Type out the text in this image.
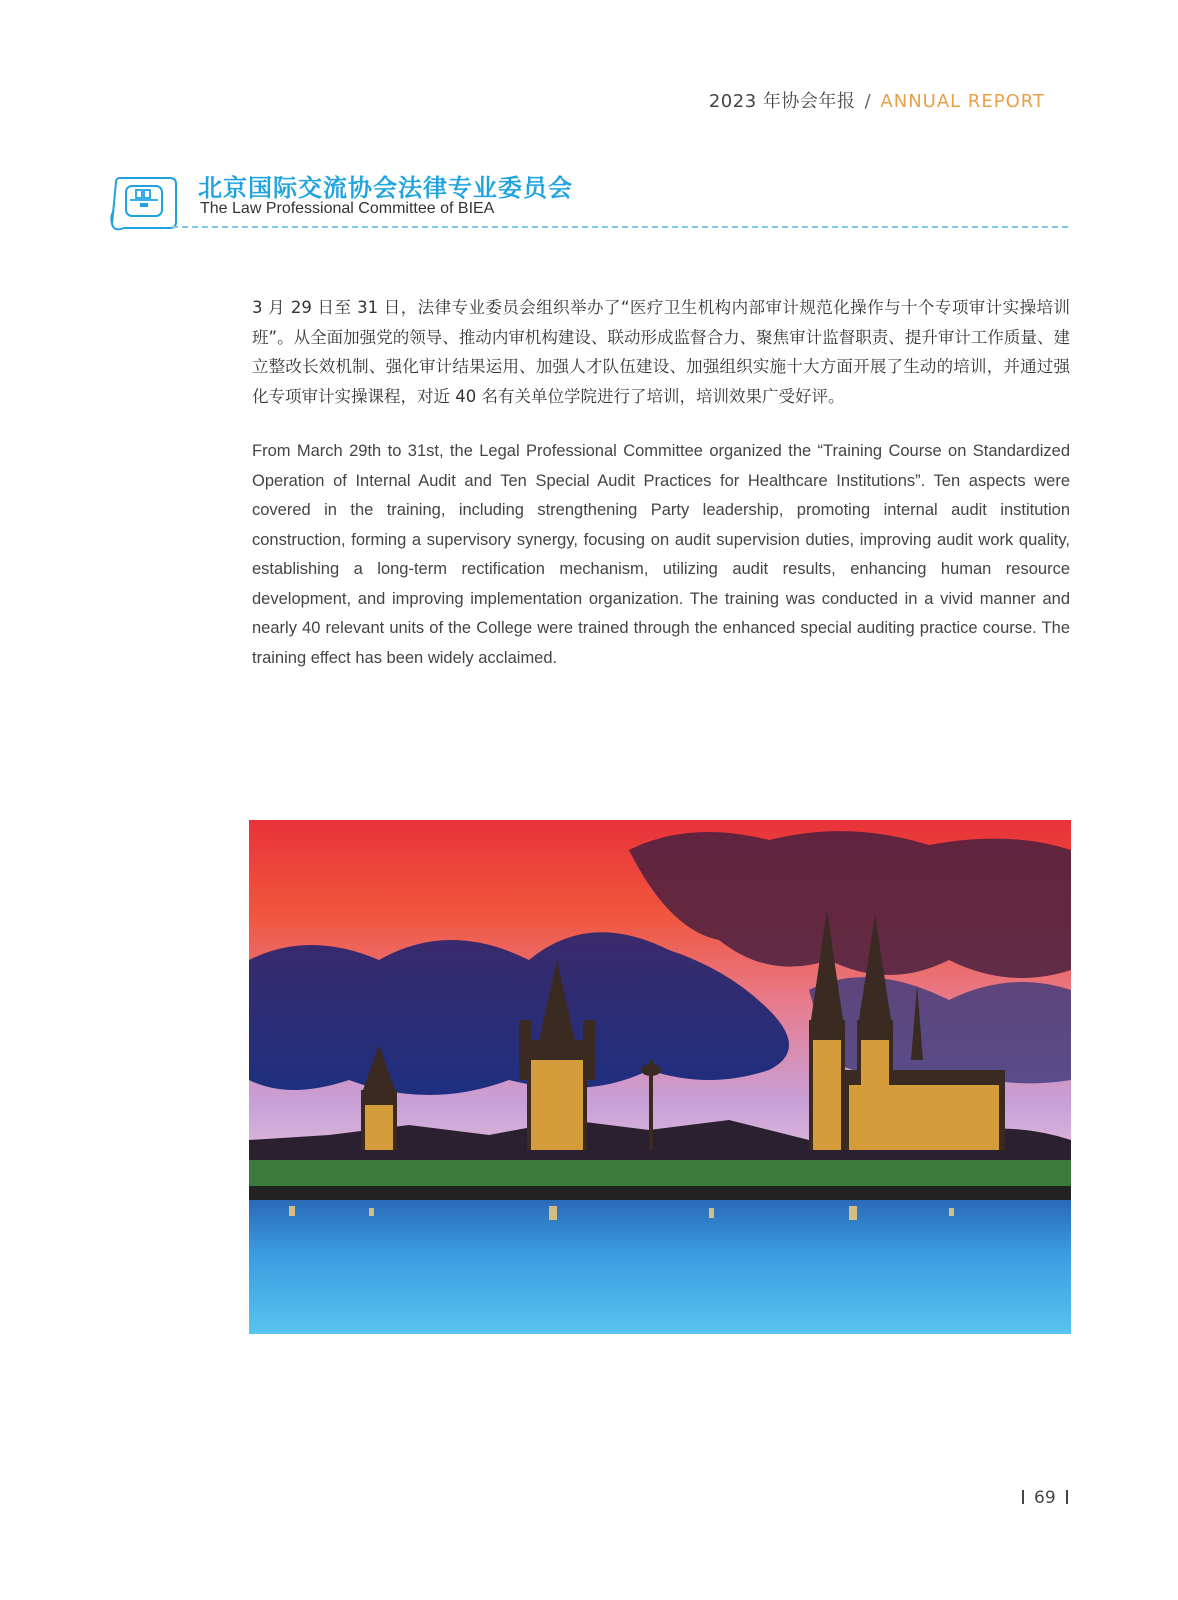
2023 年协会年报 / ANNUAL REPORT
北京国际交流协会法律专业委员会
The Law Professional Committee of BIEA

3 月 29 日至 31 日，法律专业委员会组织举办了“医疗卫生机构内部审计规范化操作与十个专项审计实操培训班”。从全面加强党的领导、推动内审机构建设、联动形成监督合力、聚焦审计监督职责、提升审计工作质量、建立整改长效机制、强化审计结果运用、加强人才队伍建设、加强组织实施十大方面开展了生动的培训，并通过强化专项审计实操课程，对近 40 名有关单位学院进行了培训，培训效果广受好评。

From March 29th to 31st, the Legal Professional Committee organized the “Training Course on Standardized Operation of Internal Audit and Ten Special Audit Practices for Healthcare Institutions”. Ten aspects were covered in the training, including strengthening Party leadership, promoting internal audit institution construction, forming a supervisory synergy, focusing on audit supervision duties, improving audit work quality, establishing a long-term rectification mechanism, utilizing audit results, enhancing human resource development, and improving implementation organization. The training was conducted in a vivid manner and nearly 40 relevant units of the College were trained through the enhanced special auditing practice course. The training effect has been widely acclaimed.

69
